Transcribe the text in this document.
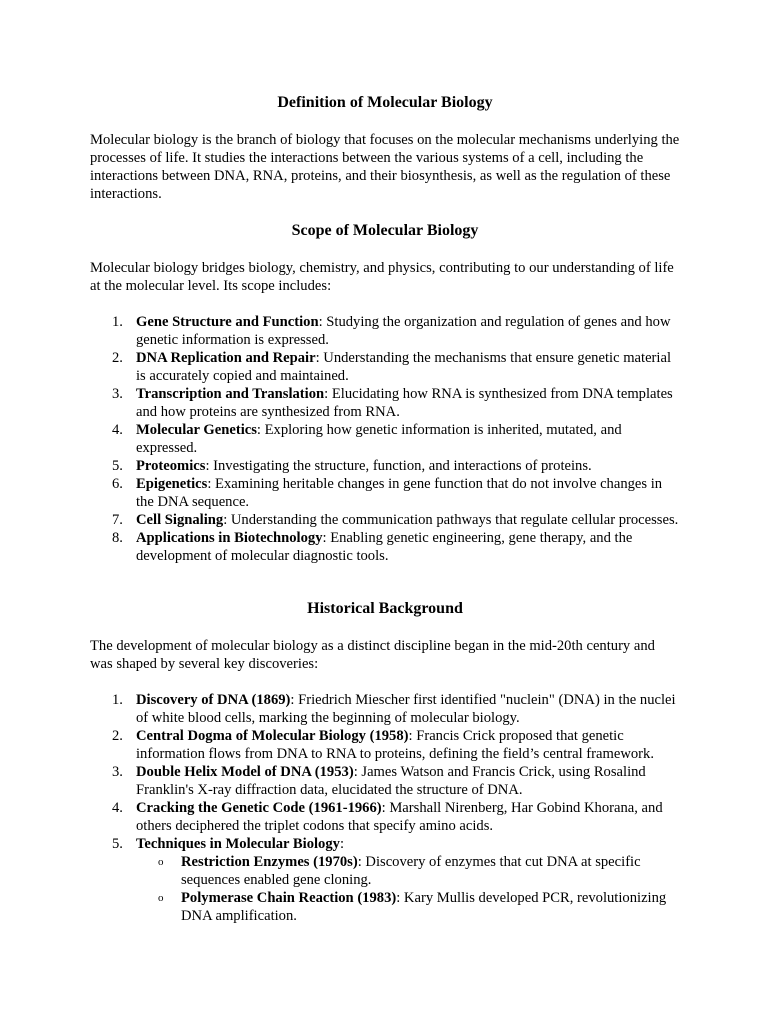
Definition of Molecular Biology

Molecular biology is the branch of biology that focuses on the molecular mechanisms underlying the processes of life. It studies the interactions between the various systems of a cell, including the interactions between DNA, RNA, proteins, and their biosynthesis, as well as the regulation of these interactions.

Scope of Molecular Biology

Molecular biology bridges biology, chemistry, and physics, contributing to our understanding of life at the molecular level. Its scope includes:

1. Gene Structure and Function: Studying the organization and regulation of genes and how genetic information is expressed.
2. DNA Replication and Repair: Understanding the mechanisms that ensure genetic material is accurately copied and maintained.
3. Transcription and Translation: Elucidating how RNA is synthesized from DNA templates and how proteins are synthesized from RNA.
4. Molecular Genetics: Exploring how genetic information is inherited, mutated, and expressed.
5. Proteomics: Investigating the structure, function, and interactions of proteins.
6. Epigenetics: Examining heritable changes in gene function that do not involve changes in the DNA sequence.
7. Cell Signaling: Understanding the communication pathways that regulate cellular processes.
8. Applications in Biotechnology: Enabling genetic engineering, gene therapy, and the development of molecular diagnostic tools.
Historical Background

The development of molecular biology as a distinct discipline began in the mid-20th century and was shaped by several key discoveries:

1. Discovery of DNA (1869): Friedrich Miescher first identified "nuclein" (DNA) in the nuclei of white blood cells, marking the beginning of molecular biology.
2. Central Dogma of Molecular Biology (1958): Francis Crick proposed that genetic information flows from DNA to RNA to proteins, defining the field’s central framework.
3. Double Helix Model of DNA (1953): James Watson and Francis Crick, using Rosalind Franklin's X-ray diffraction data, elucidated the structure of DNA.
4. Cracking the Genetic Code (1961-1966): Marshall Nirenberg, Har Gobind Khorana, and others deciphered the triplet codons that specify amino acids.
5. Techniques in Molecular Biology:
o Restriction Enzymes (1970s): Discovery of enzymes that cut DNA at specific sequences enabled gene cloning.
o Polymerase Chain Reaction (1983): Kary Mullis developed PCR, revolutionizing DNA amplification.
